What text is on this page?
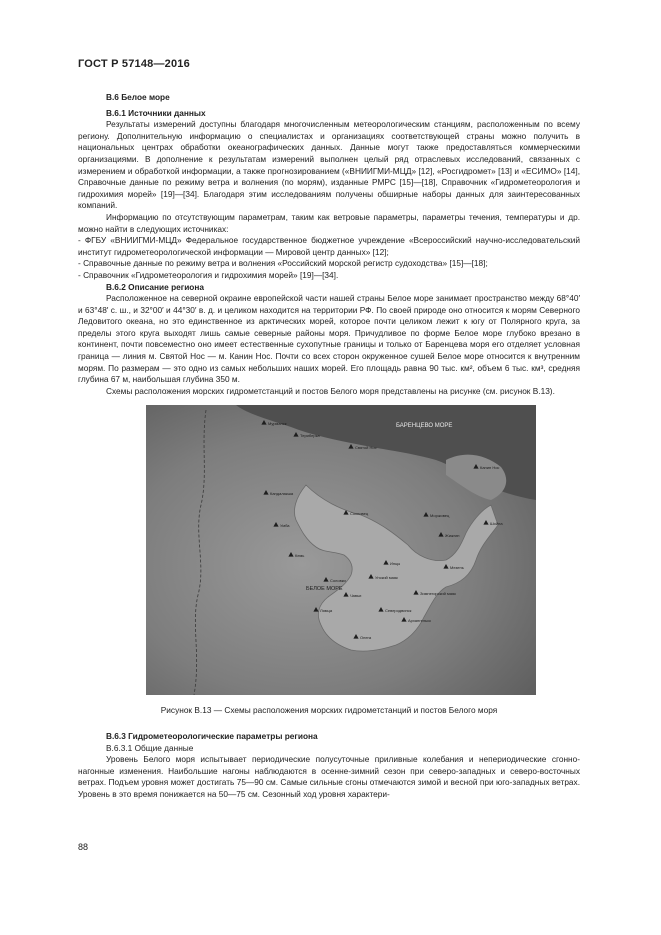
ГОСТ Р 57148—2016
В.6 Белое море
В.6.1 Источники данных

Результаты измерений доступны благодаря многочисленным метеорологическим станциям, расположенным по всему региону. Дополнительную информацию о специалистах и организациях соответствующей страны можно получить в национальных центрах обработки океанографических данных. Данные могут также предоставляться коммерческими организациями. В дополнение к результатам измерений выполнен целый ряд отраслевых исследований, связанных с измерением и обработкой информации, а также прогнозированием («ВНИИГМИ-МЦД» [12], «Росгидромет» [13] и «ЕСИМО» [14], Справочные данные по режиму ветра и волнения (по морям), изданные РМРС [15]—[18], Справочник «Гидрометеорология и гидрохимия морей» [19]—[34]. Благодаря этим исследованиям получены обширные наборы данных для заинтересованных компаний.

Информацию по отсутствующим параметрам, таким как ветровые параметры, параметры течения, температуры и др. можно найти в следующих источниках:

- ФГБУ «ВНИИГМИ-МЦД» Федеральное государственное бюджетное учреждение «Всероссийский научно-исследовательский институт гидрометеорологической информации — Мировой центр данных» [12];

- Справочные данные по режиму ветра и волнения «Российский морской регистр судоходства» [15]—[18];

- Справочник «Гидрометеорология и гидрохимия морей» [19]—[34].

В.6.2 Описание региона

Расположенное на северной окраине европейской части нашей страны Белое море занимает пространство между 68°40′ и 63°48′ с. ш., и 32°00′ и 44°30′ в. д. и целиком находится на территории РФ. По своей природе оно относится к морям Северного Ледовитого океана, но это единственное из арктических морей, которое почти целиком лежит к югу от Полярного круга, за пределы этого круга выходят лишь самые северные районы моря. Причудливое по форме Белое море глубоко врезано в континент, почти повсеместно оно имеет естественные сухопутные границы и только от Баренцева моря его отделяет условная граница — линия м. Святой Нос — м. Канин Нос. Почти со всех сторон окруженное сушей Белое море относится к внутренним морям. По размерам — это одно из самых небольших наших морей. Его площадь равна 90 тыс. км², объем 6 тыс. км³, средняя глубина 67 м, наибольшая глубина 350 м.

Схемы расположения морских гидрометстанций и постов Белого моря представлены на рисунке (см. рисунок В.13).

БАРЕНЦЕВО МОРЕ
БЕЛОЕ МОРЕ
Мурманск
Териберка
Святой Нос
Канин Нос
Кандалакша
Умба
Сосновец
Мезень
Кемь
Онега
Архангельск
Северодвинск
Соловки
Жижгин
Инцы
Моржовец
Шойна
Зимнегорский маяк
Унский маяк
Чавьи
Лямца
Рисунок В.13 — Схемы расположения морских гидрометстанций и постов Белого моря
В.6.3 Гидрометеорологические параметры региона
В.6.3.1 Общие данные

Уровень Белого моря испытывает периодические полусуточные приливные колебания и непериодические сгонно-нагонные изменения. Наибольшие нагоны наблюдаются в осенне-зимний сезон при северо-западных и северо-восточных ветрах. Подъем уровня может достигать 75—90 см. Самые сильные сгоны отмечаются зимой и весной при юго-западных ветрах. Уровень в это время понижается на 50—75 см. Сезонный ход уровня характери-

88
